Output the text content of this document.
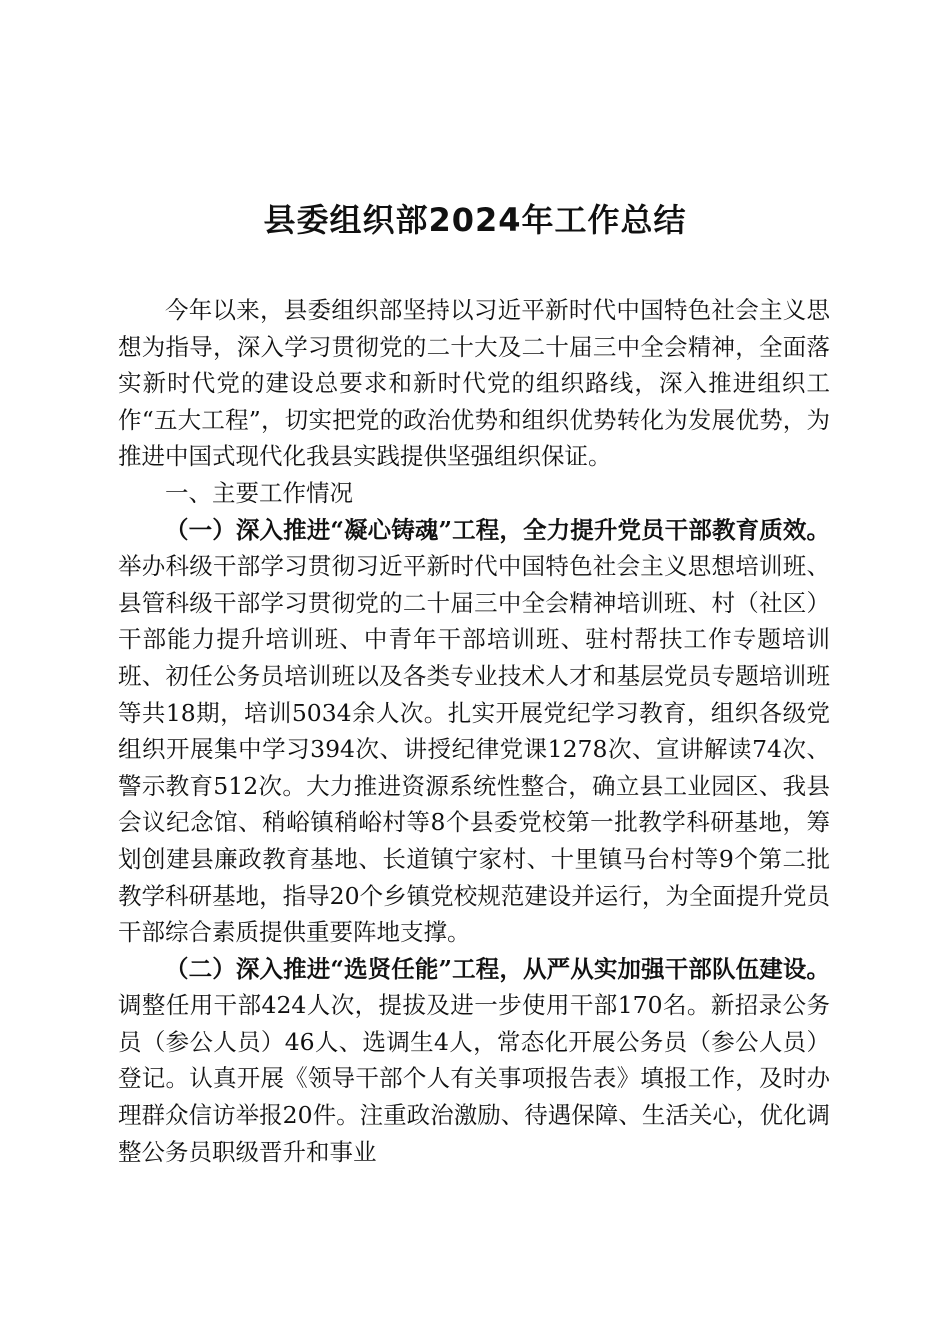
县委组织部2024年工作总结

今年以来，县委组织部坚持以习近平新时代中国特色社会主义思想为指导，深入学习贯彻党的二十大及二十届三中全会精神，全面落实新时代党的建设总要求和新时代党的组织路线，深入推进组织工作“五大工程”，切实把党的政治优势和组织优势转化为发展优势，为推进中国式现代化我县实践提供坚强组织保证。

一、主要工作情况

（一）深入推进“凝心铸魂”工程，全力提升党员干部教育质效。举办科级干部学习贯彻习近平新时代中国特色社会主义思想培训班、县管科级干部学习贯彻党的二十届三中全会精神培训班、村（社区）干部能力提升培训班、中青年干部培训班、驻村帮扶工作专题培训班、初任公务员培训班以及各类专业技术人才和基层党员专题培训班等共18期，培训5034余人次。扎实开展党纪学习教育，组织各级党组织开展集中学习394次、讲授纪律党课1278次、宣讲解读74次、警示教育512次。大力推进资源系统性整合，确立县工业园区、我县会议纪念馆、稍峪镇稍峪村等8个县委党校第一批教学科研基地，筹划创建县廉政教育基地、长道镇宁家村、十里镇马台村等9个第二批教学科研基地，指导20个乡镇党校规范建设并运行，为全面提升党员干部综合素质提供重要阵地支撑。

（二）深入推进“选贤任能”工程，从严从实加强干部队伍建设。调整任用干部424人次，提拔及进一步使用干部170名。新招录公务员（参公人员）46人、选调生4人，常态化开展公务员（参公人员）登记。认真开展《领导干部个人有关事项报告表》填报工作，及时办理群众信访举报20件。注重政治激励、待遇保障、生活关心，优化调整公务员职级晋升和事业
